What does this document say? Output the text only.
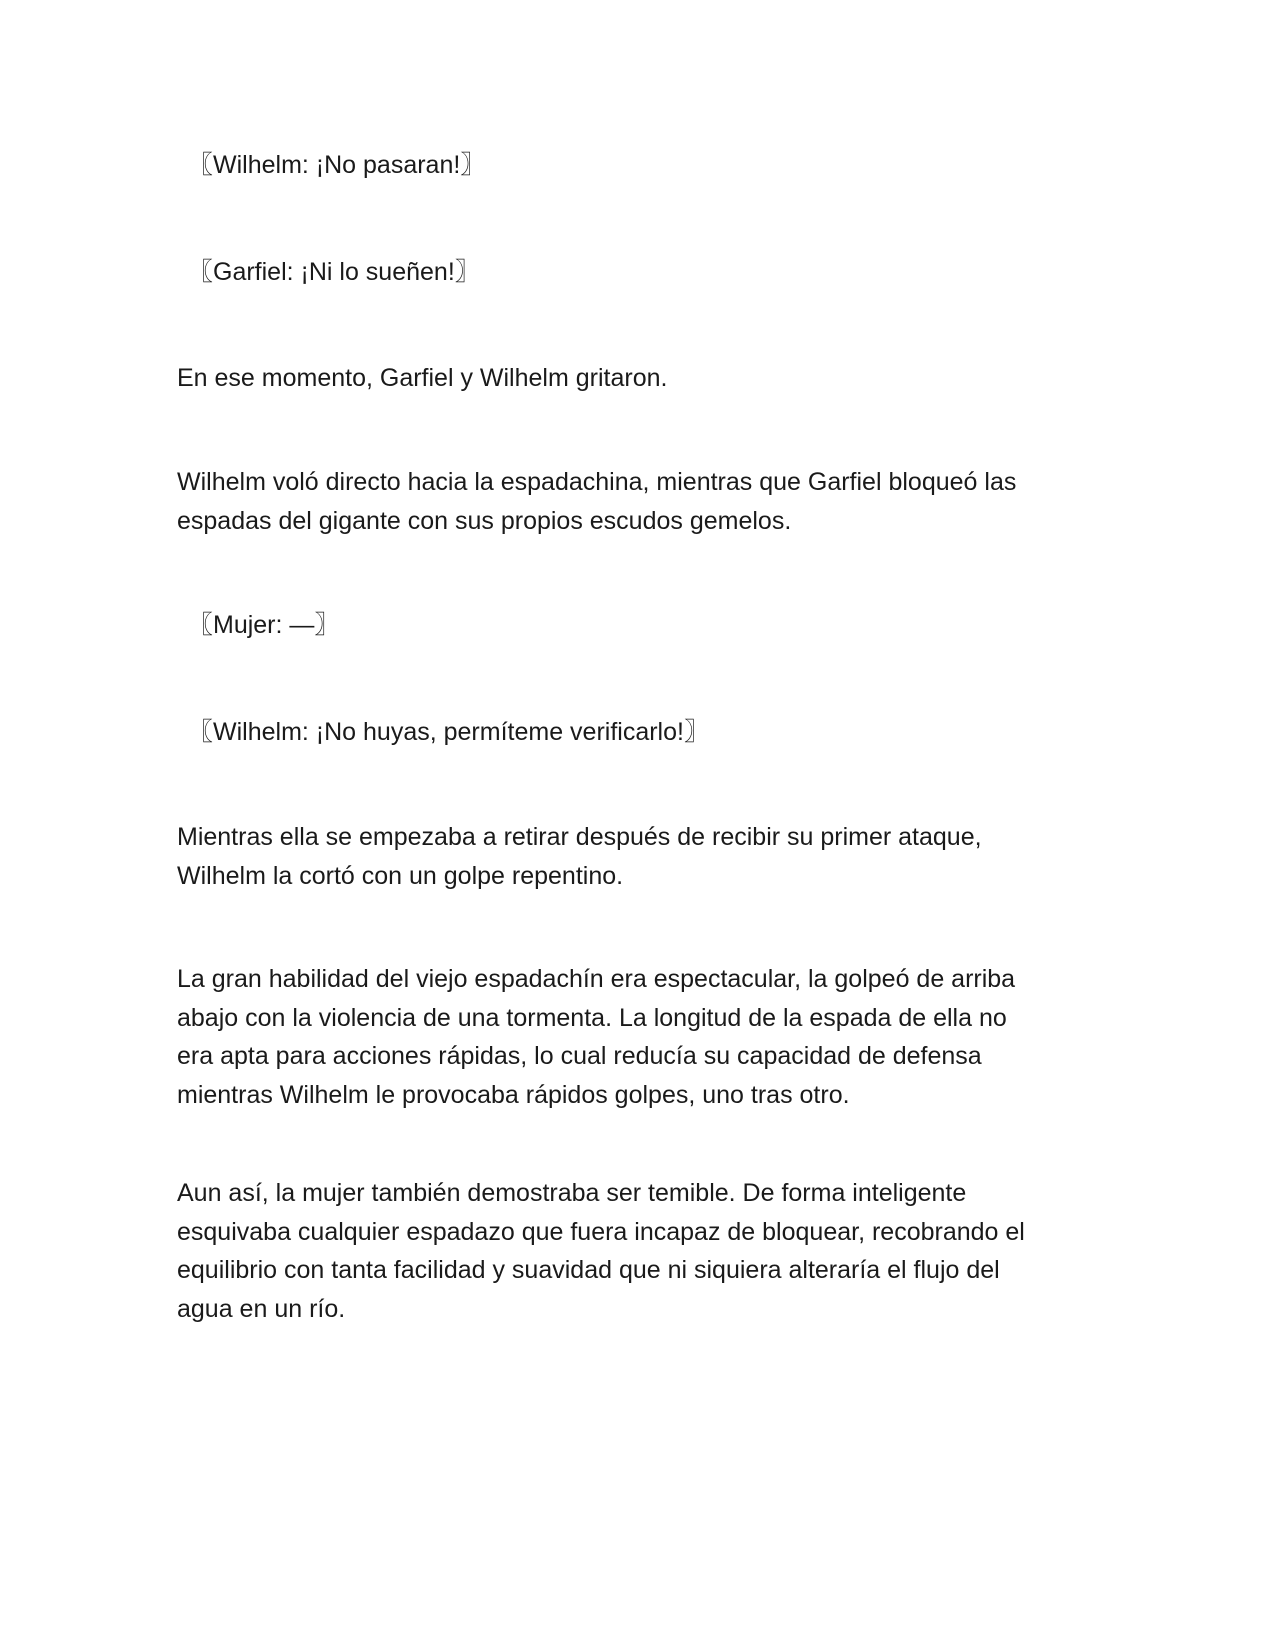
〖Wilhelm: ¡No pasaran!〗

〖Garfiel: ¡Ni lo sueñen!〗

En ese momento, Garfiel y Wilhelm gritaron.

Wilhelm voló directo hacia la espadachina, mientras que Garfiel bloqueó las
espadas del gigante con sus propios escudos gemelos.

〖Mujer: —〗

〖Wilhelm: ¡No huyas, permíteme verificarlo!〗

Mientras ella se empezaba a retirar después de recibir su primer ataque,
Wilhelm la cortó con un golpe repentino.

La gran habilidad del viejo espadachín era espectacular, la golpeó de arriba
abajo con la violencia de una tormenta. La longitud de la espada de ella no
era apta para acciones rápidas, lo cual reducía su capacidad de defensa
mientras Wilhelm le provocaba rápidos golpes, uno tras otro.

Aun así, la mujer también demostraba ser temible. De forma inteligente
esquivaba cualquier espadazo que fuera incapaz de bloquear, recobrando el
equilibrio con tanta facilidad y suavidad que ni siquiera alteraría el flujo del
agua en un río.
